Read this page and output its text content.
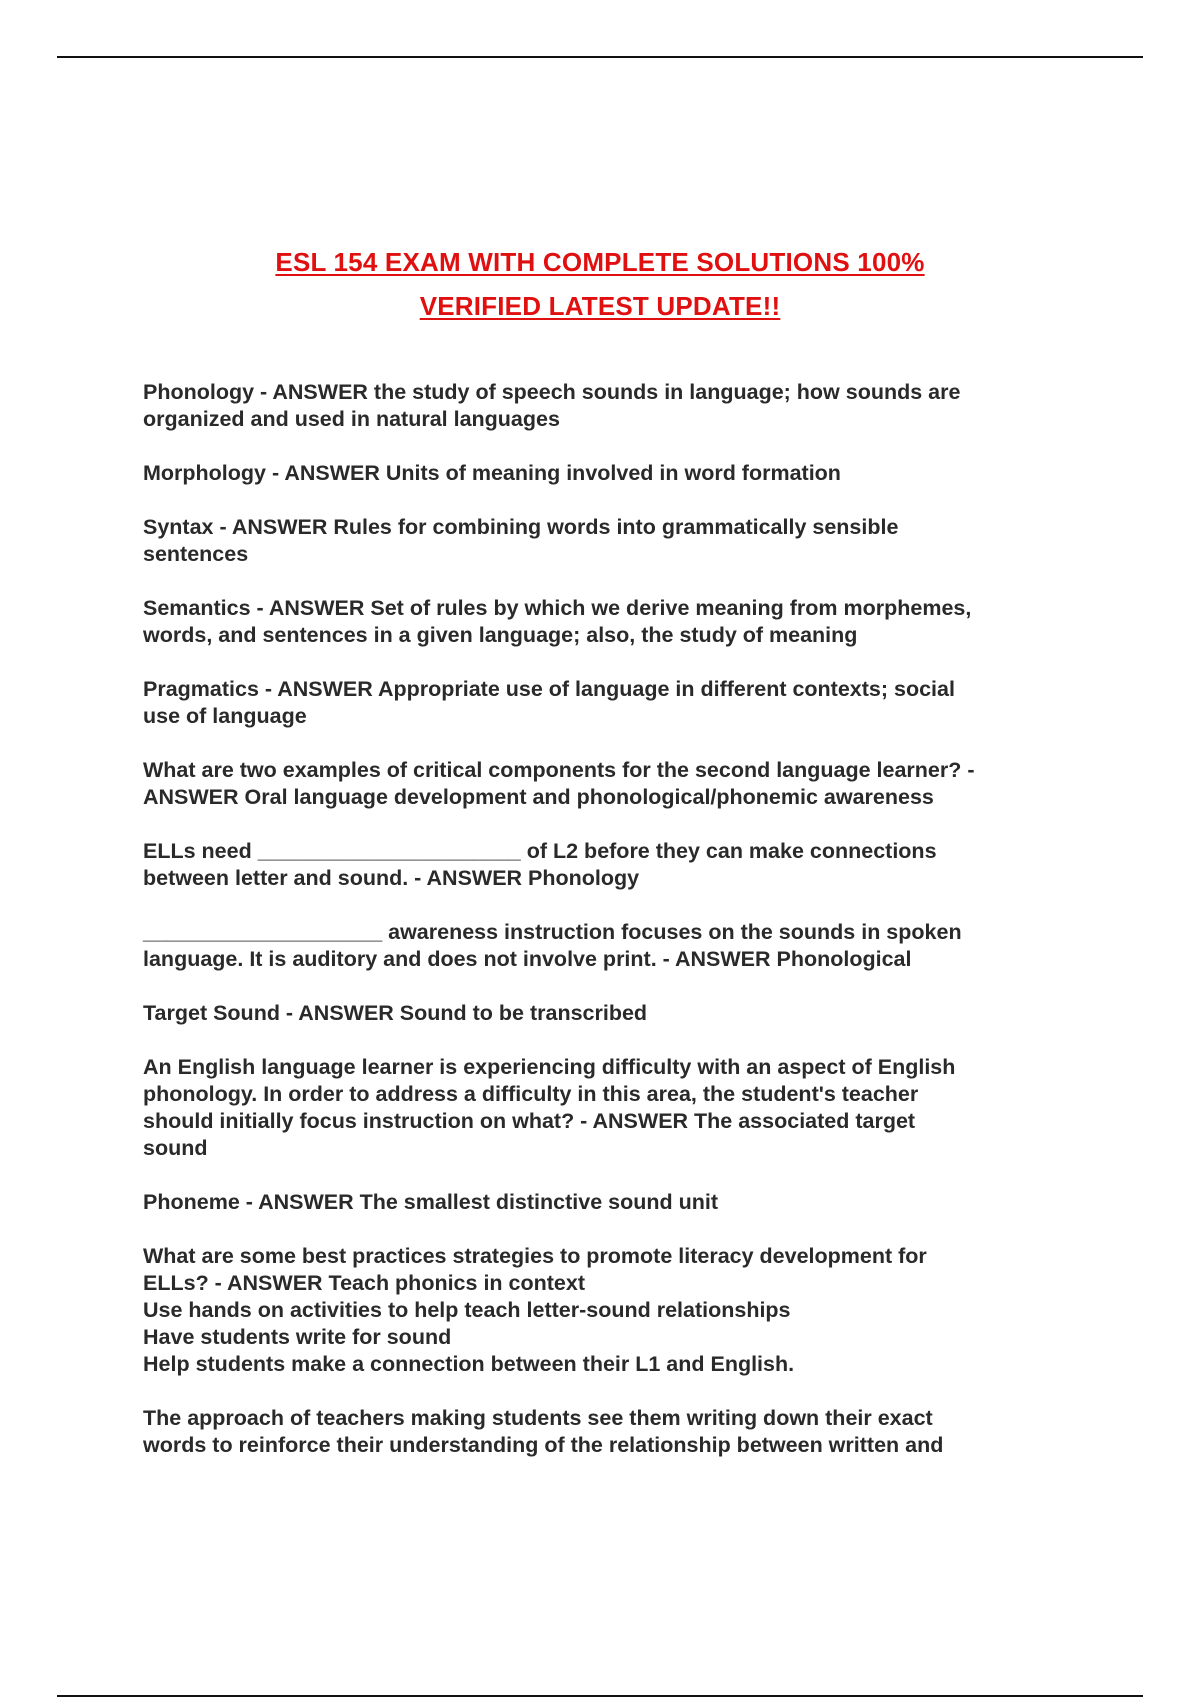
ESL 154 EXAM WITH COMPLETE SOLUTIONS 100%
VERIFIED LATEST UPDATE!!

Phonology - ANSWER the study of speech sounds in language; how sounds are
organized and used in natural languages

Morphology - ANSWER Units of meaning involved in word formation

Syntax - ANSWER Rules for combining words into grammatically sensible
sentences

Semantics - ANSWER Set of rules by which we derive meaning from morphemes,
words, and sentences in a given language; also, the study of meaning

Pragmatics - ANSWER Appropriate use of language in different contexts; social
use of language

What are two examples of critical components for the second language learner? -
ANSWER Oral language development and phonological/phonemic awareness

ELLs need ______________________ of L2 before they can make connections
between letter and sound. - ANSWER Phonology

____________________ awareness instruction focuses on the sounds in spoken
language. It is auditory and does not involve print. - ANSWER Phonological

Target Sound - ANSWER Sound to be transcribed

An English language learner is experiencing difficulty with an aspect of English
phonology. In order to address a difficulty in this area, the student's teacher
should initially focus instruction on what? - ANSWER The associated target
sound

Phoneme - ANSWER The smallest distinctive sound unit

What are some best practices strategies to promote literacy development for
ELLs? - ANSWER Teach phonics in context
Use hands on activities to help teach letter-sound relationships
Have students write for sound
Help students make a connection between their L1 and English.

The approach of teachers making students see them writing down their exact
words to reinforce their understanding of the relationship between written and
